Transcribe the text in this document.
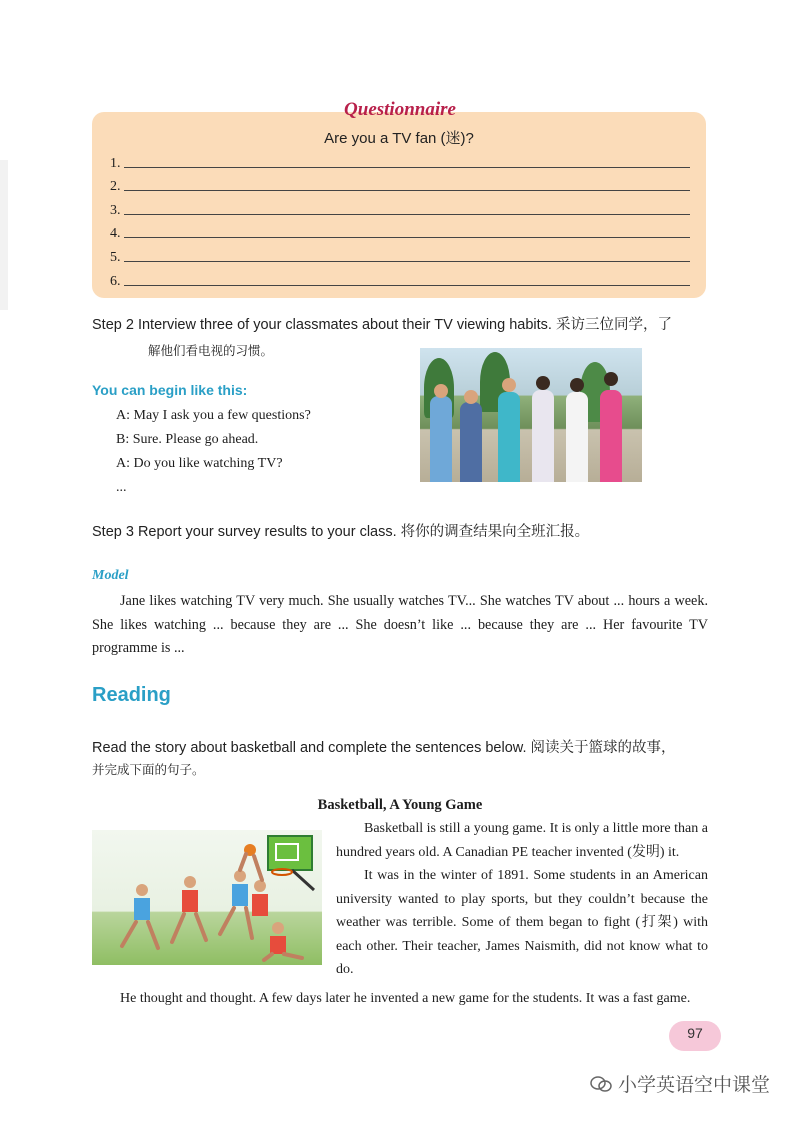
Are you a TV fan (迷)?
1.
2.
3.
4.
5.
6.
Questionnaire
Step 2 Interview three of your classmates about their TV viewing habits. 采访三位同学，了
解他们看电视的习惯。
You can begin like this:
A: May I ask you a few questions?
B: Sure. Please go ahead.
A: Do you like watching TV?
...
Step 3 Report your survey results to your class. 将你的调查结果向全班汇报。
Model
Jane likes watching TV very much. She usually watches TV... She watches TV about ... hours a week. She likes watching ... because they are ... She doesn’t like ... because they are ... Her favourite TV programme is ...
Reading
Read the story about basketball and complete the sentences below. 阅读关于篮球的故事，
并完成下面的句子。
Basketball, A Young Game
Basketball is still a young game. It is only a little more than a hundred years old. A Canadian PE teacher invented (发明) it.
It was in the winter of 1891. Some students in an American university wanted to play sports, but they couldn’t because the weather was terrible. Some of them began to fight (打架) with each other. Their teacher, James Naismith, did not know what to do.
He thought and thought. A few days later he invented a new game for the students. It was a fast game.
97
小学英语空中课堂
